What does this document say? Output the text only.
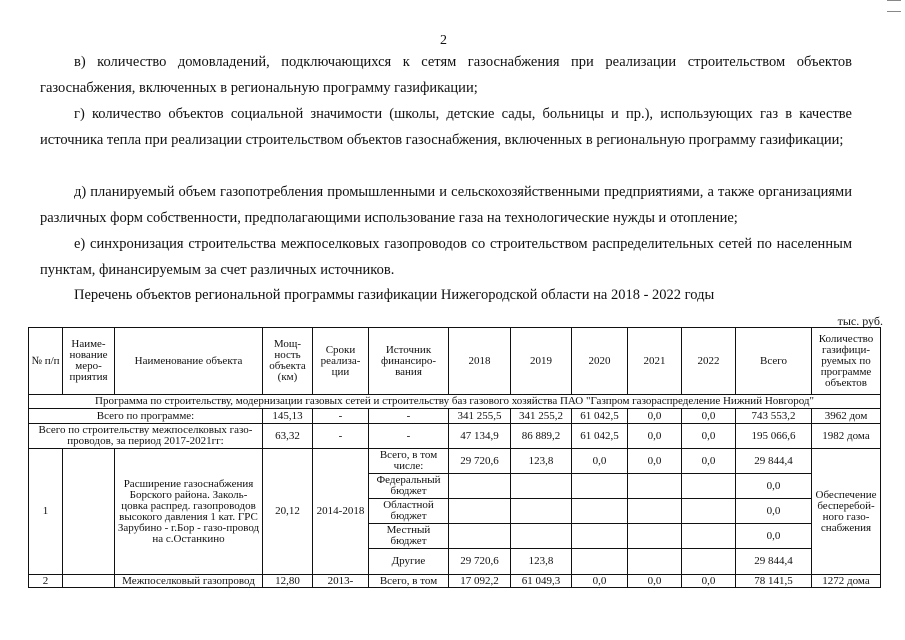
2

в) количество домовладений, подключающихся к сетям газоснабжения при реализации строительством объектов газоснабжения, включенных в региональную программу газификации;

г) количество объектов социальной значимости (школы, детские сады, больницы и пр.), использующих газ в качестве источника тепла при реализации строительством объектов газоснабжения, включенных в региональную программу газификации;

д) планируемый объем газопотребления промышленными и сельскохозяйственными предприятиями, а также организациями различных форм собственности, предполагающими использование газа на технологические нужды и отопление;

е) синхронизация строительства межпоселковых газопроводов со строительством распределительных сетей по населенным пунктам, финансируемым за счет различных источников.

Перечень объектов региональной программы газификации Нижегородской области на 2018 - 2022 годы

тыс. руб.
№ п/п	Наиме-нование меро-приятия	Наименование объекта	Мощ-ность объекта (км)	Сроки реализа-ции	Источник финансиро-вания	2018	2019	2020	2021	2022	Всего	Количество газифици-руемых по программе объектов
Программа по строительству, модернизации газовых сетей и строительству баз газового хозяйства ПАО "Газпром газораспределение Нижний Новгород"												
Всего по программе:			145,13	-	-	341 255,5	341 255,2	61 042,5	0,0	0,0	743 553,2	3962 дом
Всего по строительству межпоселковых газо-проводов, за период 2017-2021гг:			63,32	-	-	47 134,9	86 889,2	61 042,5	0,0	0,0	195 066,6	1982 дома
1		Расширение газоснабжения Борского района. Заколь-цовка распред. газопроводов высокого давления 1 кат. ГРС Зарубино - г.Бор - газо-провод на с.Останкино	20,12	2014-2018	Всего, в том числе:	29 720,6	123,8	0,0	0,0	0,0	29 844,4	Обеспечение бесперебой-ного газо-снабжения
					Федеральный бюджет						0,0	
					Областной бюджет						0,0	
					Местный бюджет						0,0	
					Другие	29 720,6	123,8				29 844,4	
2		Межпоселковый газопровод	12,80	2013-	Всего, в том	17 092,2	61 049,3	0,0	0,0	0,0	78 141,5	1272 дома
